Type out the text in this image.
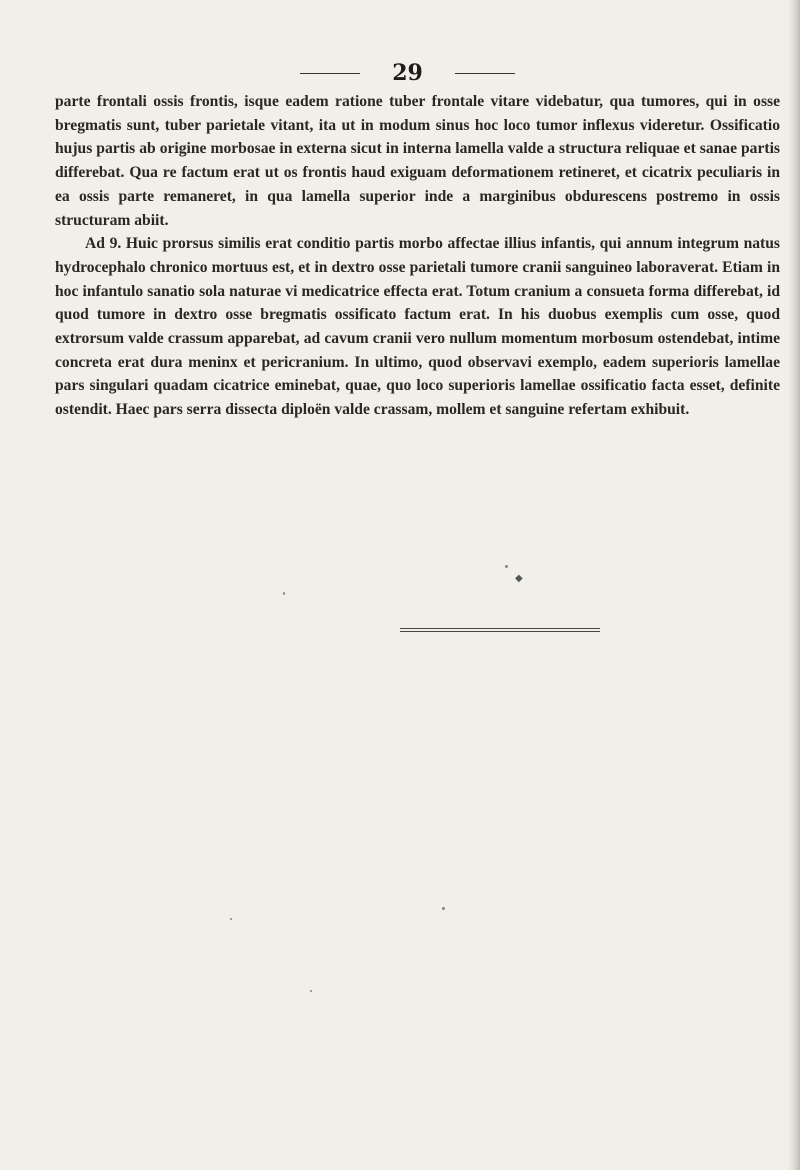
29

parte frontali ossis frontis, isque eadem ratione tuber frontale vitare videbatur, qua tumores, qui in osse bregmatis sunt, tuber parietale vitant, ita ut in modum sinus hoc loco tumor inflexus videretur. Ossificatio hujus partis ab origine morbosae in externa sicut in interna lamella valde a structura reliquae et sanae partis differebat. Qua re factum erat ut os frontis haud exiguam deformationem retineret, et cicatrix peculiaris in ea ossis parte remaneret, in qua lamella superior inde a marginibus obdurescens postremo in ossis structuram abiit.

Ad 9. Huic prorsus similis erat conditio partis morbo affectae illius infantis, qui annum integrum natus hydrocephalo chronico mortuus est, et in dextro osse parietali tumore cranii sanguineo laboraverat. Etiam in hoc infantulo sanatio sola naturae vi medicatrice effecta erat. Totum cranium a consueta forma differebat, id quod tumore in dextro osse bregmatis ossificato factum erat. In his duobus exemplis cum osse, quod extrorsum valde crassum apparebat, ad cavum cranii vero nullum momentum morbosum ostendebat, intime concreta erat dura meninx et pericranium. In ultimo, quod observavi exemplo, eadem superioris lamellae pars singulari quadam cicatrice eminebat, quae, quo loco superioris lamellae ossificatio facta esset, definite ostendit. Haec pars serra dissecta diploën valde crassam, mollem et sanguine refertam exhibuit.

◆
